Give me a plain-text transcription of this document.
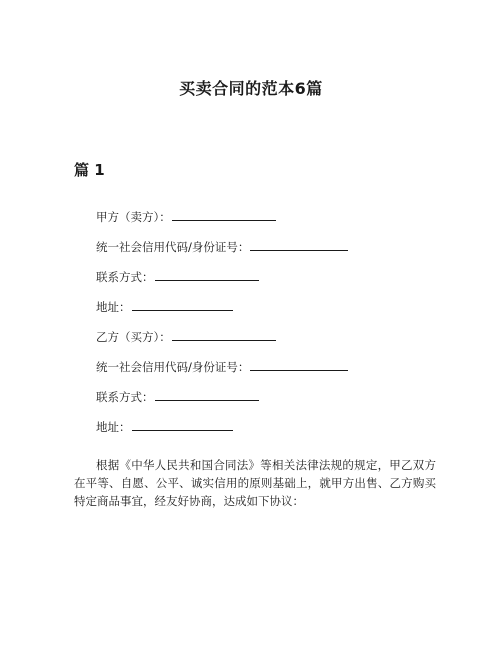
买卖合同的范本6篇
篇 1
甲方（卖方）：
统一社会信用代码/身份证号：
联系方式：
地址：
乙方（买方）：
统一社会信用代码/身份证号：
联系方式：
地址：

根据《中华人民共和国合同法》等相关法律法规的规定，甲乙双方在平等、自愿、公平、诚实信用的原则基础上，就甲方出售、乙方购买特定商品事宜，经友好协商，达成如下协议：
